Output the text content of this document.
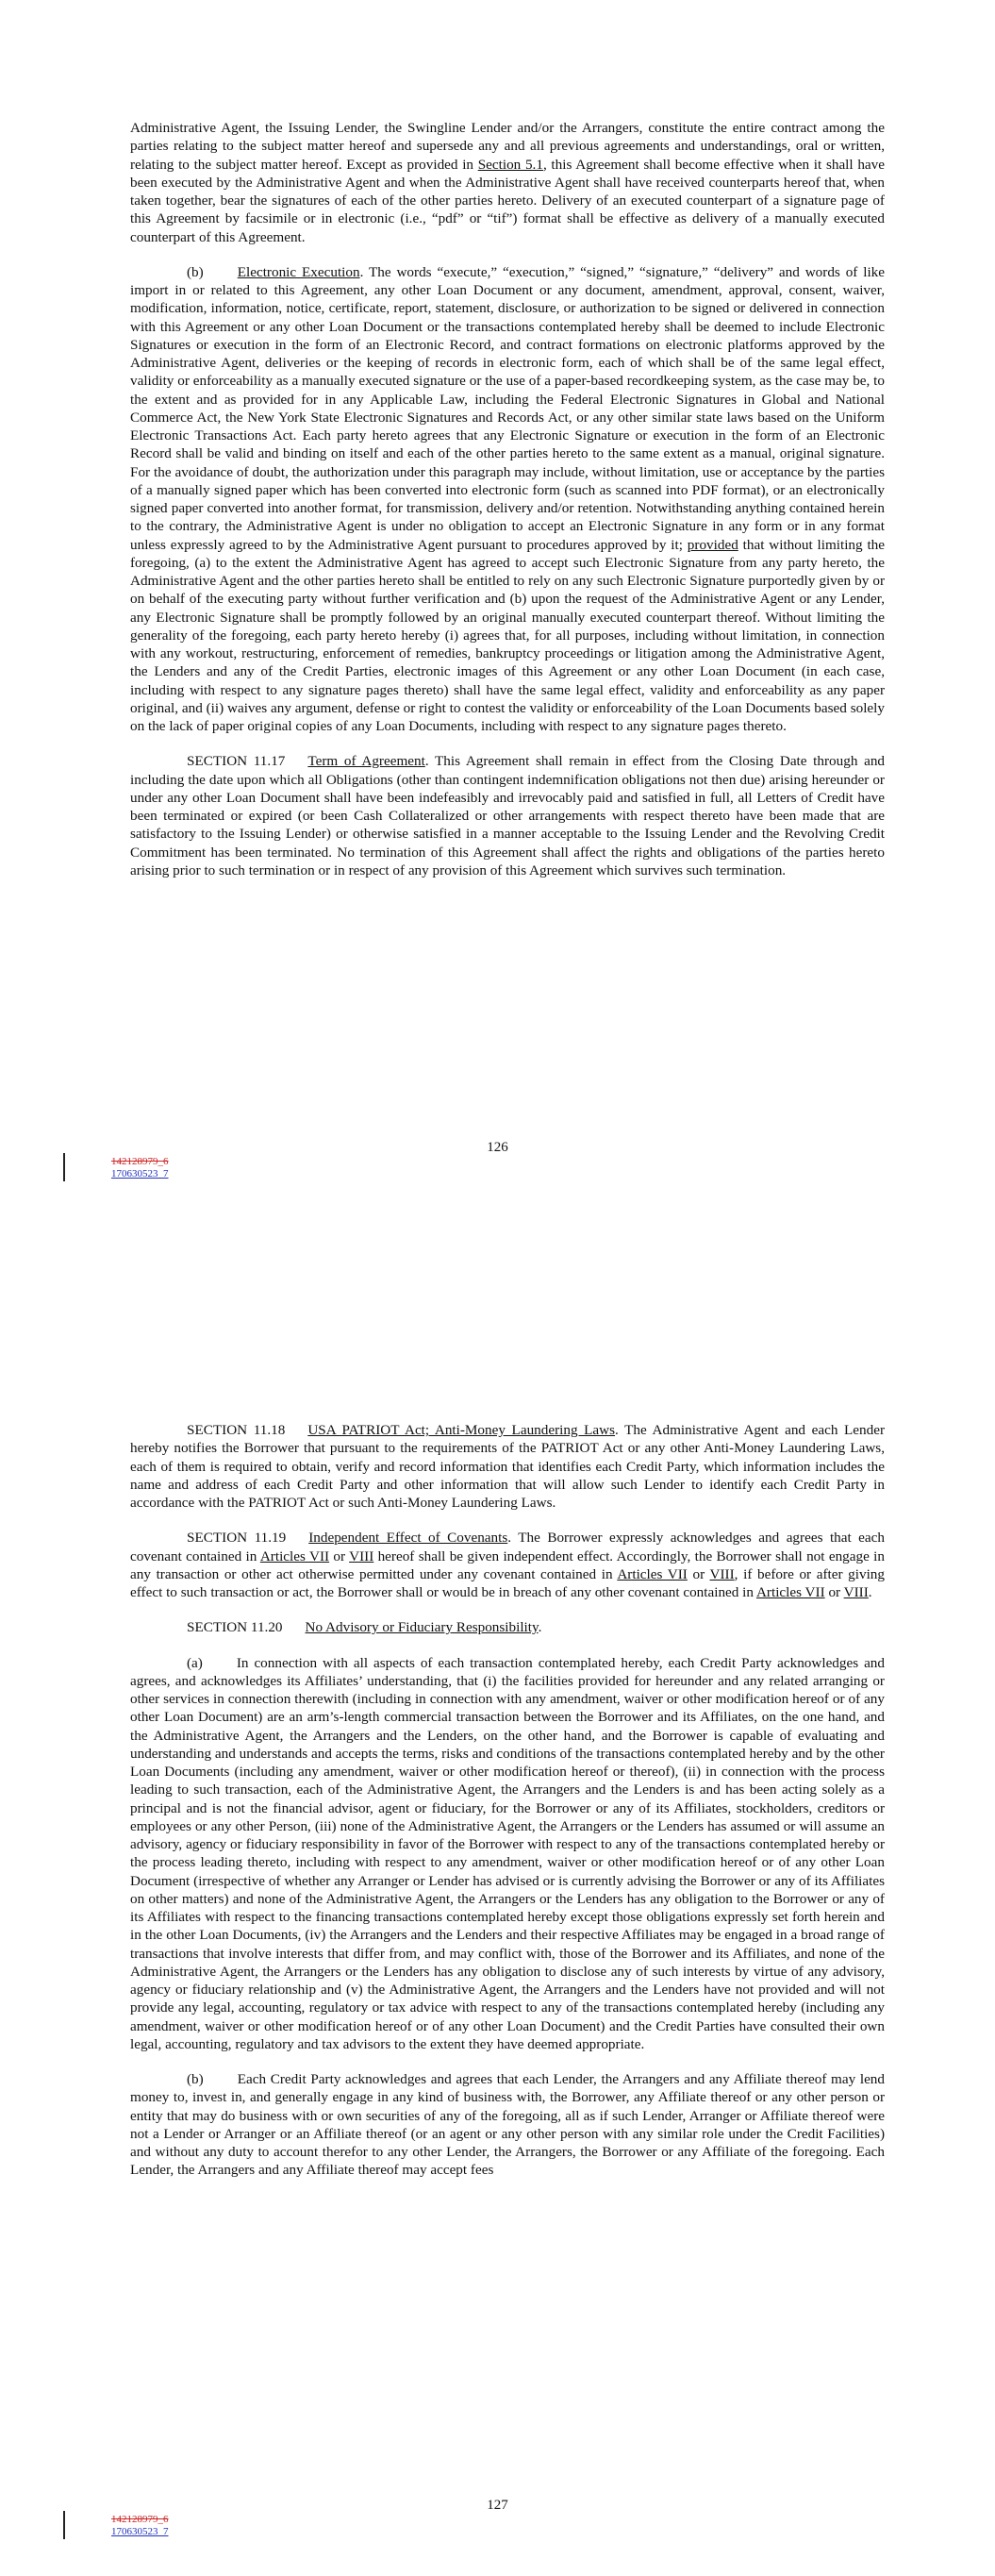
Administrative Agent, the Issuing Lender, the Swingline Lender and/or the Arrangers, constitute the entire contract among the parties relating to the subject matter hereof and supersede any and all previous agreements and understandings, oral or written, relating to the subject matter hereof. Except as provided in Section 5.1, this Agreement shall become effective when it shall have been executed by the Administrative Agent and when the Administrative Agent shall have received counterparts hereof that, when taken together, bear the signatures of each of the other parties hereto. Delivery of an executed counterpart of a signature page of this Agreement by facsimile or in electronic (i.e., “pdf” or “tif”) format shall be effective as delivery of a manually executed counterpart of this Agreement.

(b) Electronic Execution. The words “execute,” “execution,” “signed,” “signature,” “delivery” and words of like import in or related to this Agreement, any other Loan Document or any document, amendment, approval, consent, waiver, modification, information, notice, certificate, report, statement, disclosure, or authorization to be signed or delivered in connection with this Agreement or any other Loan Document or the transactions contemplated hereby shall be deemed to include Electronic Signatures or execution in the form of an Electronic Record, and contract formations on electronic platforms approved by the Administrative Agent, deliveries or the keeping of records in electronic form, each of which shall be of the same legal effect, validity or enforceability as a manually executed signature or the use of a paper-based recordkeeping system, as the case may be, to the extent and as provided for in any Applicable Law, including the Federal Electronic Signatures in Global and National Commerce Act, the New York State Electronic Signatures and Records Act, or any other similar state laws based on the Uniform Electronic Transactions Act. Each party hereto agrees that any Electronic Signature or execution in the form of an Electronic Record shall be valid and binding on itself and each of the other parties hereto to the same extent as a manual, original signature. For the avoidance of doubt, the authorization under this paragraph may include, without limitation, use or acceptance by the parties of a manually signed paper which has been converted into electronic form (such as scanned into PDF format), or an electronically signed paper converted into another format, for transmission, delivery and/or retention. Notwithstanding anything contained herein to the contrary, the Administrative Agent is under no obligation to accept an Electronic Signature in any form or in any format unless expressly agreed to by the Administrative Agent pursuant to procedures approved by it; provided that without limiting the foregoing, (a) to the extent the Administrative Agent has agreed to accept such Electronic Signature from any party hereto, the Administrative Agent and the other parties hereto shall be entitled to rely on any such Electronic Signature purportedly given by or on behalf of the executing party without further verification and (b) upon the request of the Administrative Agent or any Lender, any Electronic Signature shall be promptly followed by an original manually executed counterpart thereof. Without limiting the generality of the foregoing, each party hereto hereby (i) agrees that, for all purposes, including without limitation, in connection with any workout, restructuring, enforcement of remedies, bankruptcy proceedings or litigation among the Administrative Agent, the Lenders and any of the Credit Parties, electronic images of this Agreement or any other Loan Document (in each case, including with respect to any signature pages thereto) shall have the same legal effect, validity and enforceability as any paper original, and (ii) waives any argument, defense or right to contest the validity or enforceability of the Loan Documents based solely on the lack of paper original copies of any Loan Documents, including with respect to any signature pages thereto.

SECTION 11.17 Term of Agreement. This Agreement shall remain in effect from the Closing Date through and including the date upon which all Obligations (other than contingent indemnification obligations not then due) arising hereunder or under any other Loan Document shall have been indefeasibly and irrevocably paid and satisfied in full, all Letters of Credit have been terminated or expired (or been Cash Collateralized or other arrangements with respect thereto have been made that are satisfactory to the Issuing Lender) or otherwise satisfied in a manner acceptable to the Issuing Lender and the Revolving Credit Commitment has been terminated. No termination of this Agreement shall affect the rights and obligations of the parties hereto arising prior to such termination or in respect of any provision of this Agreement which survives such termination.

126
142128979_6
170630523_7

SECTION 11.18 USA PATRIOT Act; Anti-Money Laundering Laws. The Administrative Agent and each Lender hereby notifies the Borrower that pursuant to the requirements of the PATRIOT Act or any other Anti-Money Laundering Laws, each of them is required to obtain, verify and record information that identifies each Credit Party, which information includes the name and address of each Credit Party and other information that will allow such Lender to identify each Credit Party in accordance with the PATRIOT Act or such Anti-Money Laundering Laws.

SECTION 11.19 Independent Effect of Covenants. The Borrower expressly acknowledges and agrees that each covenant contained in Articles VII or VIII hereof shall be given independent effect. Accordingly, the Borrower shall not engage in any transaction or other act otherwise permitted under any covenant contained in Articles VII or VIII, if before or after giving effect to such transaction or act, the Borrower shall or would be in breach of any other covenant contained in Articles VII or VIII.

SECTION 11.20 No Advisory or Fiduciary Responsibility.

(a) In connection with all aspects of each transaction contemplated hereby, each Credit Party acknowledges and agrees, and acknowledges its Affiliates’ understanding, that (i) the facilities provided for hereunder and any related arranging or other services in connection therewith (including in connection with any amendment, waiver or other modification hereof or of any other Loan Document) are an arm’s-length commercial transaction between the Borrower and its Affiliates, on the one hand, and the Administrative Agent, the Arrangers and the Lenders, on the other hand, and the Borrower is capable of evaluating and understanding and understands and accepts the terms, risks and conditions of the transactions contemplated hereby and by the other Loan Documents (including any amendment, waiver or other modification hereof or thereof), (ii) in connection with the process leading to such transaction, each of the Administrative Agent, the Arrangers and the Lenders is and has been acting solely as a principal and is not the financial advisor, agent or fiduciary, for the Borrower or any of its Affiliates, stockholders, creditors or employees or any other Person, (iii) none of the Administrative Agent, the Arrangers or the Lenders has assumed or will assume an advisory, agency or fiduciary responsibility in favor of the Borrower with respect to any of the transactions contemplated hereby or the process leading thereto, including with respect to any amendment, waiver or other modification hereof or of any other Loan Document (irrespective of whether any Arranger or Lender has advised or is currently advising the Borrower or any of its Affiliates on other matters) and none of the Administrative Agent, the Arrangers or the Lenders has any obligation to the Borrower or any of its Affiliates with respect to the financing transactions contemplated hereby except those obligations expressly set forth herein and in the other Loan Documents, (iv) the Arrangers and the Lenders and their respective Affiliates may be engaged in a broad range of transactions that involve interests that differ from, and may conflict with, those of the Borrower and its Affiliates, and none of the Administrative Agent, the Arrangers or the Lenders has any obligation to disclose any of such interests by virtue of any advisory, agency or fiduciary relationship and (v) the Administrative Agent, the Arrangers and the Lenders have not provided and will not provide any legal, accounting, regulatory or tax advice with respect to any of the transactions contemplated hereby (including any amendment, waiver or other modification hereof or of any other Loan Document) and the Credit Parties have consulted their own legal, accounting, regulatory and tax advisors to the extent they have deemed appropriate.

(b) Each Credit Party acknowledges and agrees that each Lender, the Arrangers and any Affiliate thereof may lend money to, invest in, and generally engage in any kind of business with, the Borrower, any Affiliate thereof or any other person or entity that may do business with or own securities of any of the foregoing, all as if such Lender, Arranger or Affiliate thereof were not a Lender or Arranger or an Affiliate thereof (or an agent or any other person with any similar role under the Credit Facilities) and without any duty to account therefor to any other Lender, the Arrangers, the Borrower or any Affiliate of the foregoing. Each Lender, the Arrangers and any Affiliate thereof may accept fees

127
142128979_6
170630523_7
